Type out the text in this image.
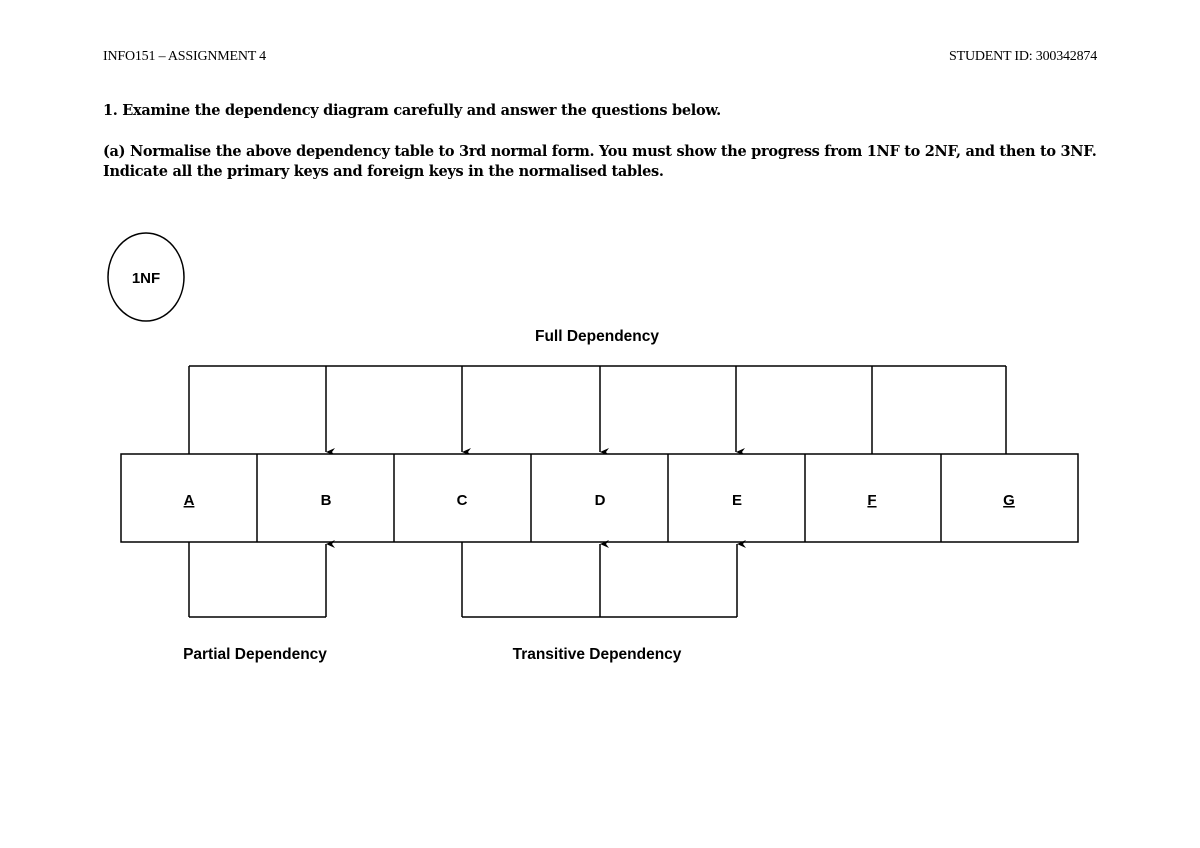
INFO151 – ASSIGNMENT 4	STUDENT ID: 300342874
1. Examine the dependency diagram carefully and answer the questions below.
(a) Normalise the above dependency table to 3rd normal form. You must show the progress from 1NF to 2NF, and then to 3NF. Indicate all the primary keys and foreign keys in the normalised tables.
1NF
Full Dependency
A	B	C	D	E	F	G
Partial Dependency	Transitive Dependency
